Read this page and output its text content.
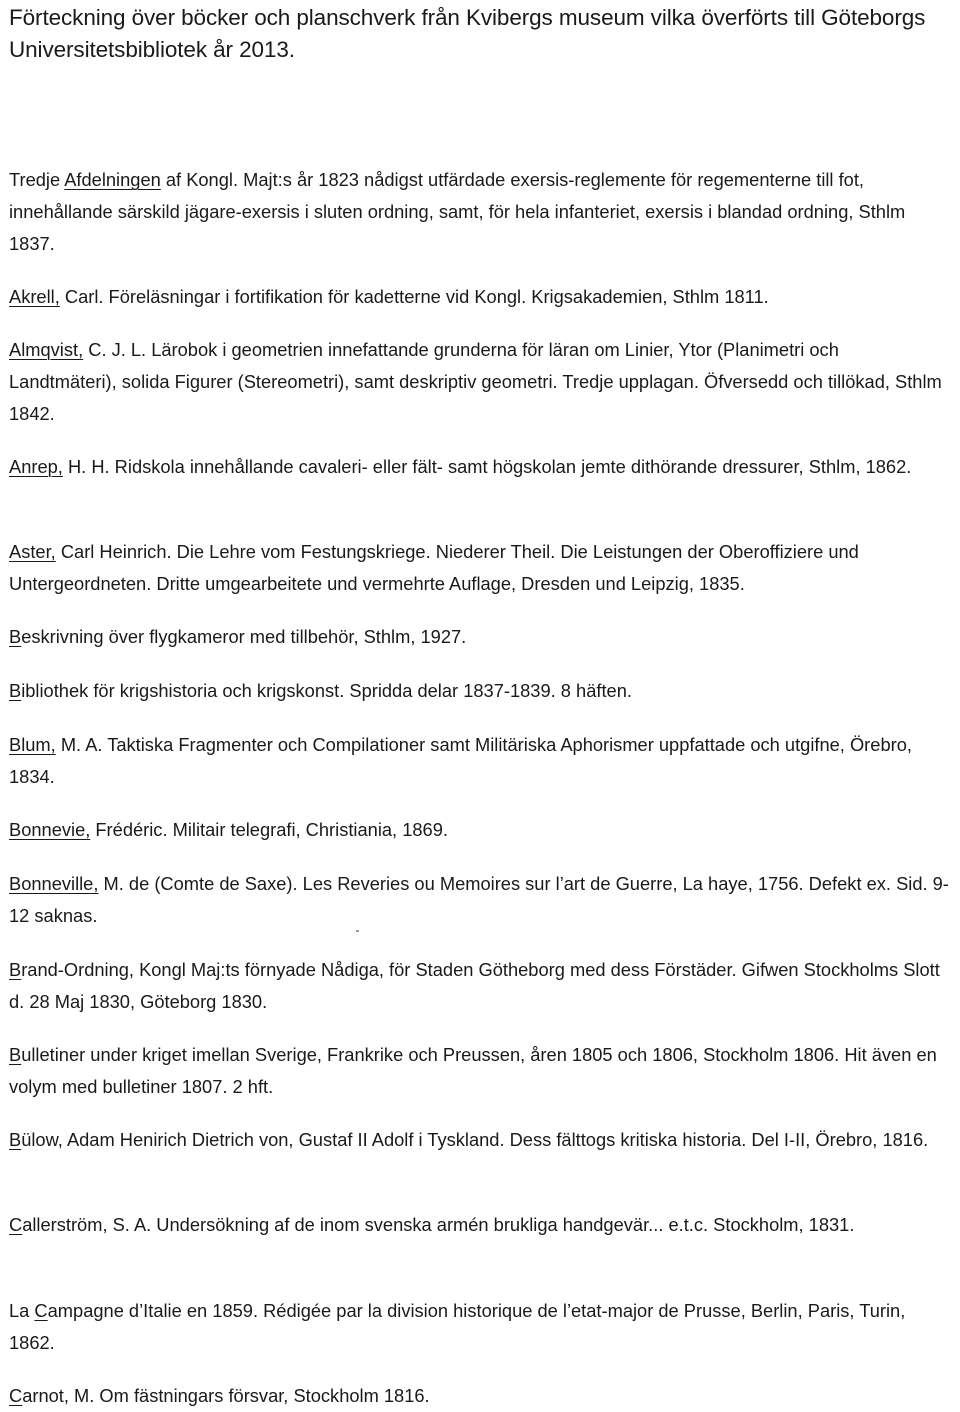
Förteckning över böcker och planschverk från Kvibergs museum vilka överförts till Göteborgs Universitetsbibliotek år 2013.

Tredje Afdelningen af Kongl. Majt:s år 1823 nådigst utfärdade exersis-reglemente för regementerne till fot, innehållande särskild jägare-exersis i sluten ordning, samt, för hela infanteriet, exersis i blandad ordning, Sthlm 1837.

Akrell, Carl. Föreläsningar i fortifikation för kadetterne vid Kongl. Krigsakademien, Sthlm 1811.

Almqvist, C. J. L. Lärobok i geometrien innefattande grunderna för läran om Linier, Ytor (Planimetri och Landtmäteri), solida Figurer (Stereometri), samt deskriptiv geometri. Tredje upplagan. Öfversedd och tillökad, Sthlm 1842.

Anrep, H. H. Ridskola innehållande cavaleri- eller fält- samt högskolan jemte dithörande dressurer, Sthlm, 1862.

Aster, Carl Heinrich. Die Lehre vom Festungskriege. Niederer Theil. Die Leistungen der Oberoffiziere und Untergeordneten. Dritte umgearbeitete und vermehrte Auflage, Dresden und Leipzig, 1835.

Beskrivning över flygkameror med tillbehör, Sthlm, 1927.

Bibliothek för krigshistoria och krigskonst. Spridda delar 1837-1839. 8 häften.

Blum, M. A. Taktiska Fragmenter och Compilationer samt Militäriska Aphorismer uppfattade och utgifne, Örebro, 1834.

Bonnevie, Frédéric. Militair telegrafi, Christiania, 1869.

Bonneville, M. de (Comte de Saxe). Les Reveries ou Memoires sur l’art de Guerre, La haye, 1756. Defekt ex. Sid. 9-12 saknas.

Brand-Ordning, Kongl Maj:ts förnyade Nådiga, för Staden Götheborg med dess Förstäder. Gifwen Stockholms Slott d. 28 Maj 1830, Göteborg 1830.

Bulletiner under kriget imellan Sverige, Frankrike och Preussen, åren 1805 och 1806, Stockholm 1806. Hit även en volym med bulletiner 1807. 2 hft.

Bülow, Adam Henirich Dietrich von, Gustaf II Adolf i Tyskland. Dess fälttogs kritiska historia. Del I-II, Örebro, 1816.

Callerström, S. A. Undersökning af de inom svenska armén brukliga handgevär... e.t.c. Stockholm, 1831.

La Campagne d’Italie en 1859. Rédigée par la division historique de l’etat-major de Prusse, Berlin, Paris, Turin, 1862.

Carnot, M. Om fästningars försvar, Stockholm 1816.
